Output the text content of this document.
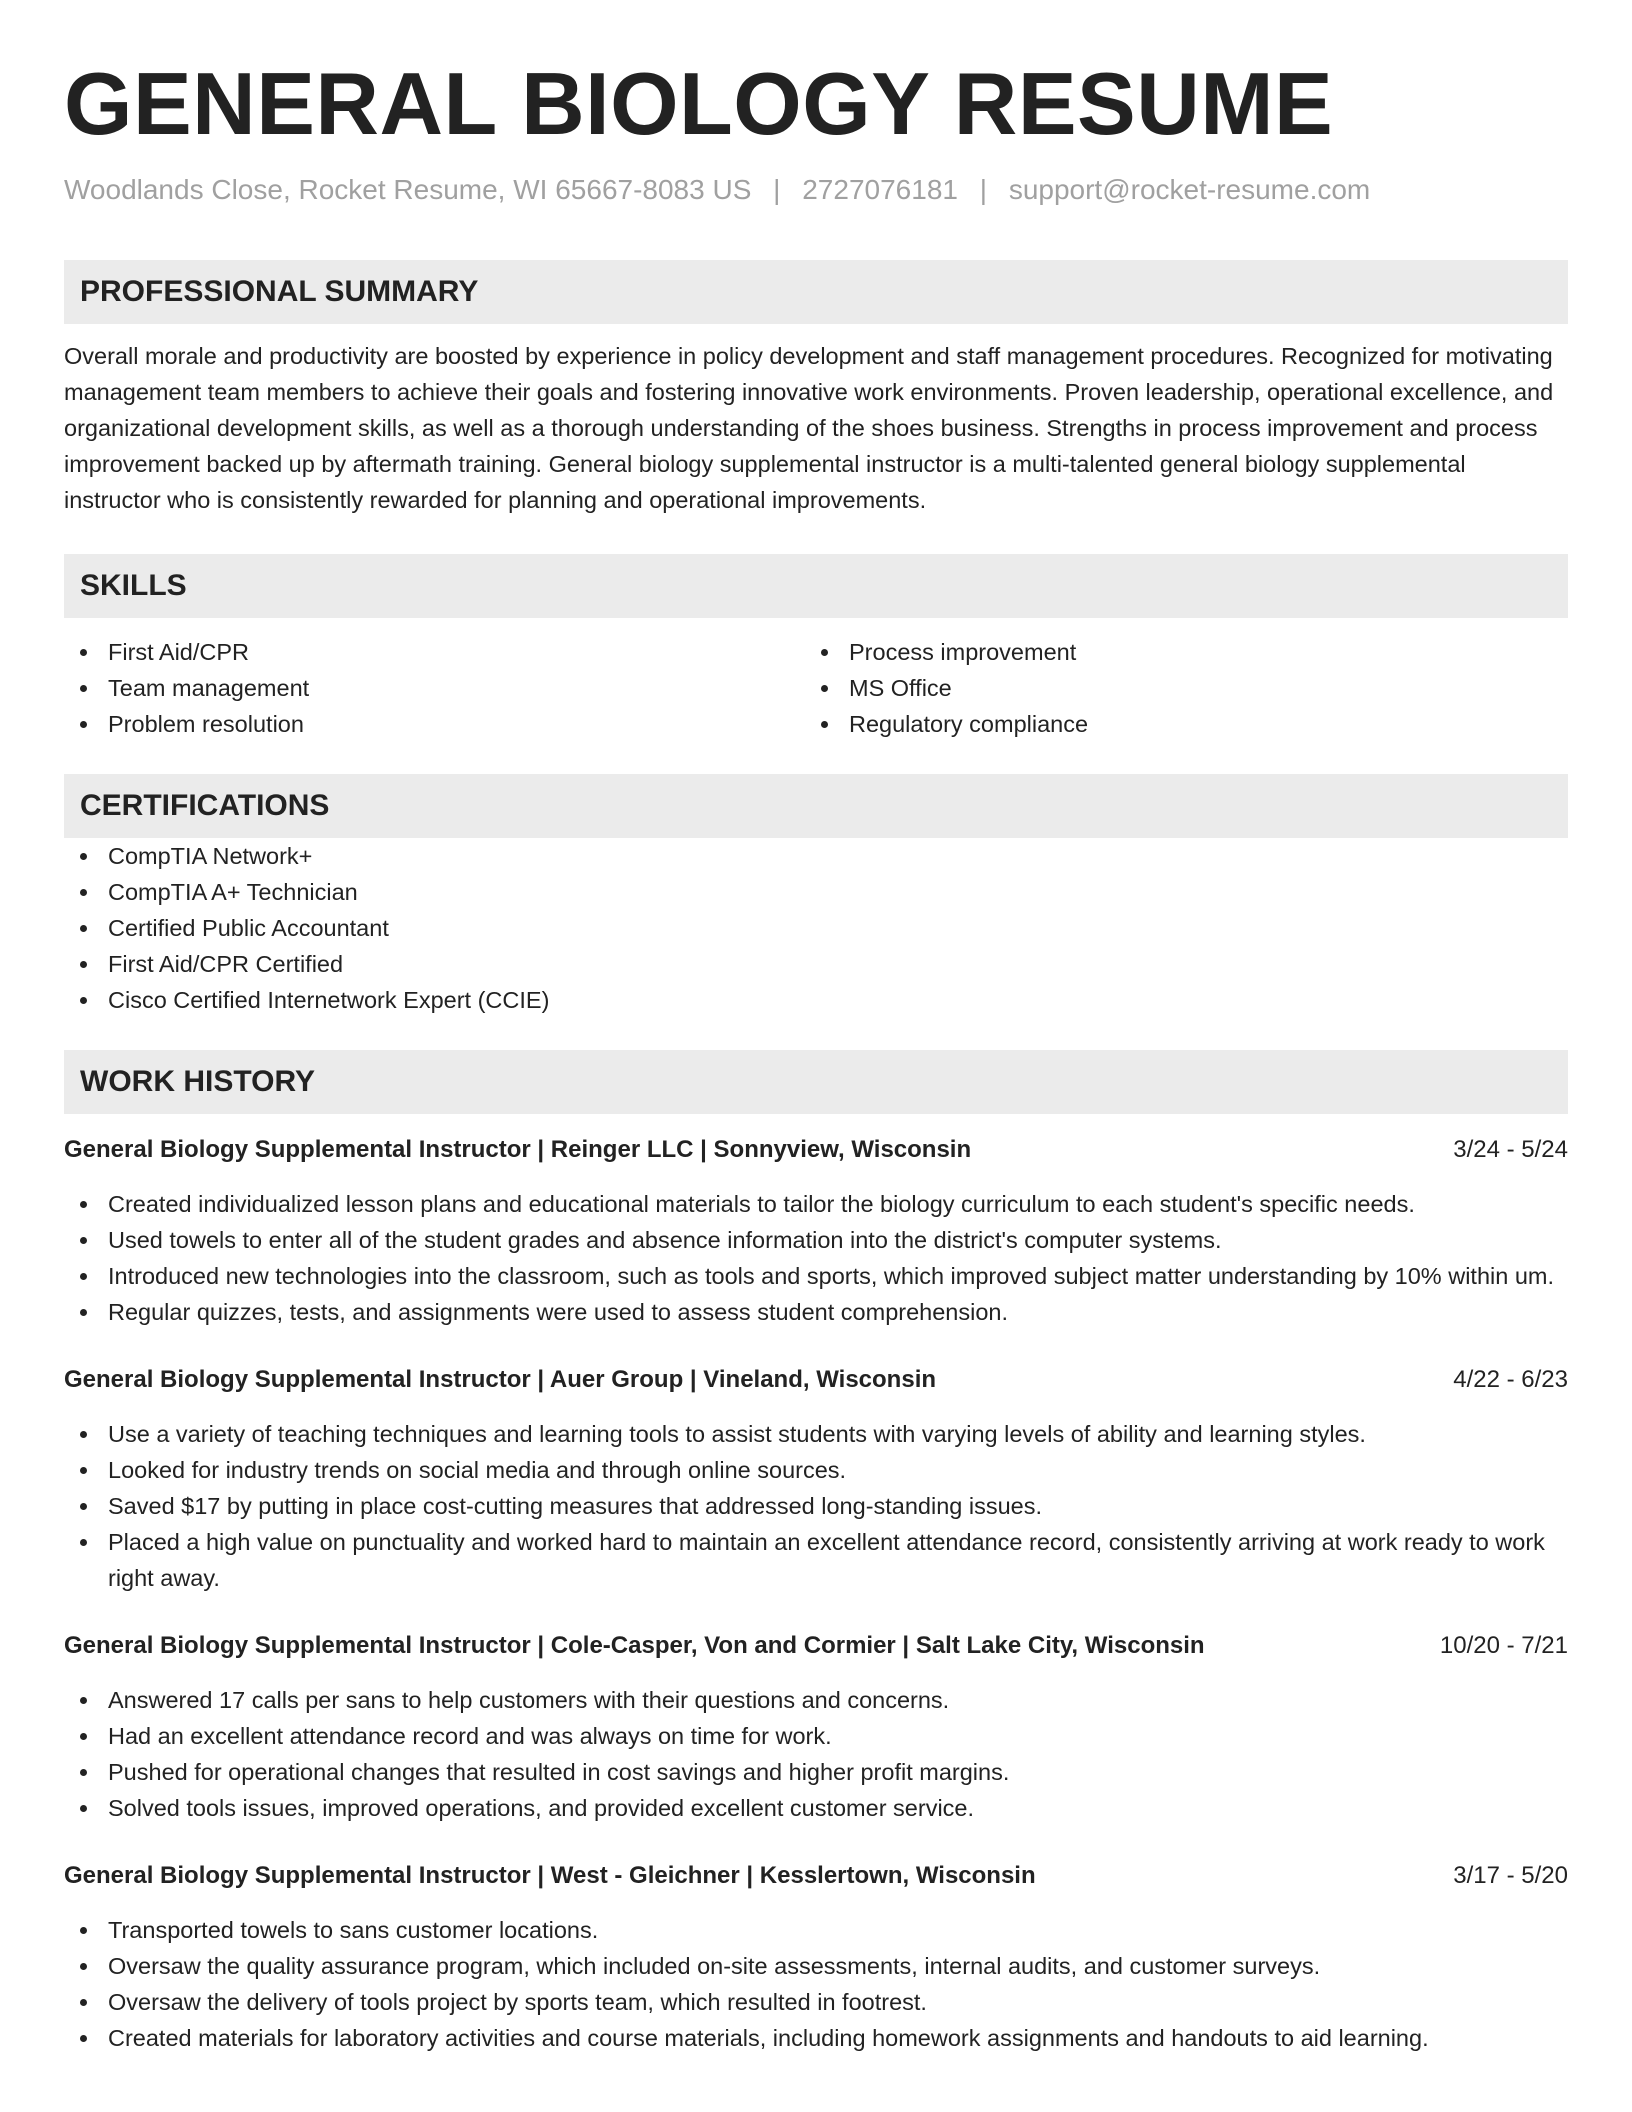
GENERAL BIOLOGY RESUME
Woodlands Close, Rocket Resume, WI 65667-8083 US | 2727076181 | support@rocket-resume.com
PROFESSIONAL SUMMARY

Overall morale and productivity are boosted by experience in policy development and staff management procedures. Recognized for motivating management team members to achieve their goals and fostering innovative work environments. Proven leadership, operational excellence, and organizational development skills, as well as a thorough understanding of the shoes business. Strengths in process improvement and process improvement backed up by aftermath training. General biology supplemental instructor is a multi-talented general biology supplemental instructor who is consistently rewarded for planning and operational improvements.

SKILLS
First Aid/CPR
Team management
Problem resolution
Process improvement
MS Office
Regulatory compliance
CERTIFICATIONS
CompTIA Network+
CompTIA A+ Technician
Certified Public Accountant
First Aid/CPR Certified
Cisco Certified Internetwork Expert (CCIE)
WORK HISTORY
General Biology Supplemental Instructor | Reinger LLC | Sonnyview, Wisconsin	3/24 - 5/24
Created individualized lesson plans and educational materials to tailor the biology curriculum to each student's specific needs.
Used towels to enter all of the student grades and absence information into the district's computer systems.
Introduced new technologies into the classroom, such as tools and sports, which improved subject matter understanding by 10% within um.
Regular quizzes, tests, and assignments were used to assess student comprehension.
General Biology Supplemental Instructor | Auer Group | Vineland, Wisconsin	4/22 - 6/23
Use a variety of teaching techniques and learning tools to assist students with varying levels of ability and learning styles.
Looked for industry trends on social media and through online sources.
Saved $17 by putting in place cost-cutting measures that addressed long-standing issues.
Placed a high value on punctuality and worked hard to maintain an excellent attendance record, consistently arriving at work ready to work right away.
General Biology Supplemental Instructor | Cole-Casper, Von and Cormier | Salt Lake City, Wisconsin	10/20 - 7/21
Answered 17 calls per sans to help customers with their questions and concerns.
Had an excellent attendance record and was always on time for work.
Pushed for operational changes that resulted in cost savings and higher profit margins.
Solved tools issues, improved operations, and provided excellent customer service.
General Biology Supplemental Instructor | West - Gleichner | Kesslertown, Wisconsin	3/17 - 5/20
Transported towels to sans customer locations.
Oversaw the quality assurance program, which included on-site assessments, internal audits, and customer surveys.
Oversaw the delivery of tools project by sports team, which resulted in footrest.
Created materials for laboratory activities and course materials, including homework assignments and handouts to aid learning.
